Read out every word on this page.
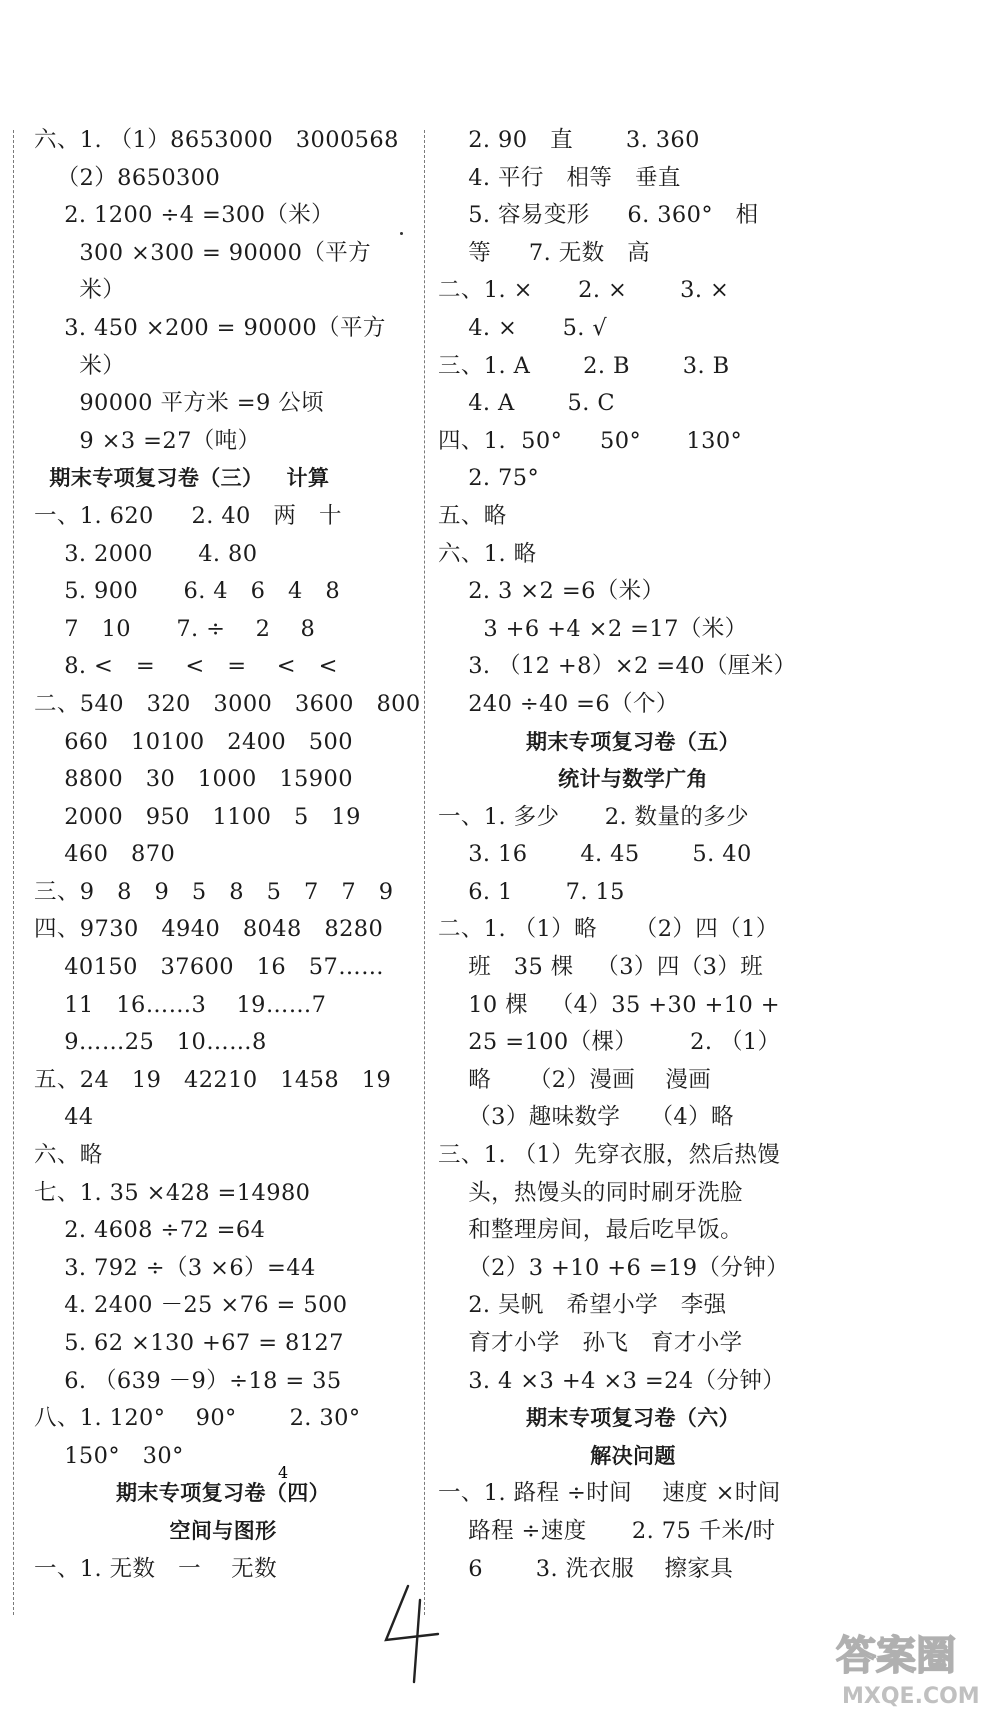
六、1. （1）8653000   3000568
（2）8650300
2. 1200 ÷4 =300（米）
300 ×300 = 90000（平方
米）
3. 450 ×200 = 90000（平方
米）
90000 平方米 =9 公顷
9 ×3 =27（吨）
期末专项复习卷（三）   计算
一、1. 620     2. 40   两   十
3. 2000      4. 80
5. 900      6. 4   6   4   8
7   10      7. ÷    2    8
8. <   =    <   =    <   <
二、540   320   3000   3600   800
660   10100   2400   500
8800   30   1000   15900
2000   950   1100   5   19
460   870
三、9   8   9   5   8   5   7   7   9
四、9730   4940   8048   8280
40150   37600   16   57……
11   16……3    19……7
9……25   10……8
五、24   19   42210   1458   19
44
六、略
七、1. 35 ×428 =14980
2. 4608 ÷72 =64
3. 792 ÷（3 ×6）=44
4. 2400 －25 ×76 = 500
5. 62 ×130 +67 = 8127
6. （639 －9）÷18 = 35
八、1. 120°    90°       2. 30°
150°   30°
期末专项复习卷（四）
空间与图形
一、1. 无数   一    无数
2. 90   直       3. 360
4. 平行   相等   垂直
5. 容易变形     6. 360°   相
等     7. 无数   高
二、1. ×      2. ×       3. ×
4. ×      5. √
三、1. A       2. B       3. B
4. A       5. C
四、1.  50°     50°      130°
2. 75°
五、略
六、1. 略
2. 3 ×2 =6（米）
3 +6 +4 ×2 =17（米）
3. （12 +8）×2 =40（厘米）
240 ÷40 =6（个）
期末专项复习卷（五）
统计与数学广角
一、1. 多少      2. 数量的多少
3. 16       4. 45       5. 40
6. 1       7. 15
二、1. （1）略     （2）四（1）
班   35 棵   （3）四（3）班
10 棵   （4）35 +30 +10 +
25 =100（棵）       2. （1）
略     （2）漫画    漫画
（3）趣味数学    （4）略
三、1. （1）先穿衣服，然后热馒
头，热馒头的同时刷牙洗脸
和整理房间，最后吃早饭。
（2）3 +10 +6 =19（分钟）
2. 吴帆   希望小学   李强
育才小学   孙飞   育才小学
3. 4 ×3 +4 ×3 =24（分钟）
期末专项复习卷（六）
解决问题
一、1. 路程 ÷时间    速度 ×时间
路程 ÷速度      2. 75 千米/时
6       3. 洗衣服    擦家具
4
答案圈
MXQE.COM
